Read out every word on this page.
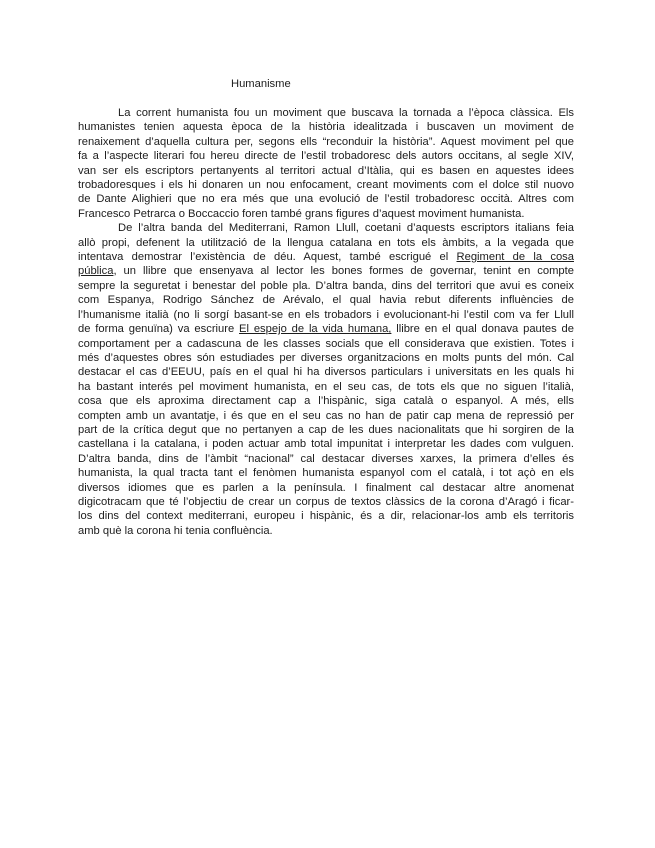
Humanisme
La corrent humanista fou un moviment que buscava la tornada a l’època clàssica. Els
humanistes tenien aquesta època de la història idealitzada i buscaven un moviment de
renaixement d’aquella cultura per, segons ells “reconduir la història”. Aquest moviment pel que
fa a l’aspecte literari fou hereu directe de l’estil trobadoresc dels autors occitans, al segle XIV,
van ser els escriptors pertanyents al territori actual d’Itàlia, qui es basen en aquestes idees
trobadoresques i els hi donaren un nou enfocament, creant moviments com el dolce stil nuovo
de Dante Alighieri que no era més que una evolució de l’estil trobadoresc occità. Altres com
Francesco Petrarca o Boccaccio foren també grans figures d’aquest moviment humanista.
De l’altra banda del Mediterrani, Ramon Llull, coetani d’aquests escriptors italians feia
allò propi, defenent la utilització de la llengua catalana en tots els àmbits, a la vegada que
intentava demostrar l’existència de déu. Aquest, també escrigué el Regiment de la cosa
pública, un llibre que ensenyava al lector les bones formes de governar, tenint en compte
sempre la seguretat i benestar del poble pla. D’altra banda, dins del territori que avui es coneix
com Espanya, Rodrigo Sánchez de Arévalo, el qual havia rebut diferents influències de
l’humanisme italià (no li sorgí basant-se en els trobadors i evolucionant-hi l’estil com va fer Llull
de forma genuïna) va escriure El espejo de la vida humana, llibre en el qual donava pautes de
comportament per a cadascuna de les classes socials que ell considerava que existien. Totes i
més d’aquestes obres són estudiades per diverses organitzacions en molts punts del món. Cal
destacar el cas d’EEUU, país en el qual hi ha diversos particulars i universitats en les quals hi
ha bastant interés pel moviment humanista, en el seu cas, de tots els que no siguen l’italià,
cosa que els aproxima directament cap a l’hispànic, siga català o espanyol. A més, ells
compten amb un avantatje, i és que en el seu cas no han de patir cap mena de repressió per
part de la crítica degut que no pertanyen a cap de les dues nacionalitats que hi sorgiren de la
castellana i la catalana, i poden actuar amb total impunitat i interpretar les dades com vulguen.
D’altra banda, dins de l’àmbit “nacional” cal destacar diverses xarxes, la primera d’elles és
humanista, la qual tracta tant el fenòmen humanista espanyol com el català, i tot açò en els
diversos idiomes que es parlen a la península. I finalment cal destacar altre anomenat
digicotracam que té l’objectiu de crear un corpus de textos clàssics de la corona d’Aragó i ficar-
los dins del context mediterrani, europeu i hispànic, és a dir, relacionar-los amb els territoris
amb què la corona hi tenia confluència.
